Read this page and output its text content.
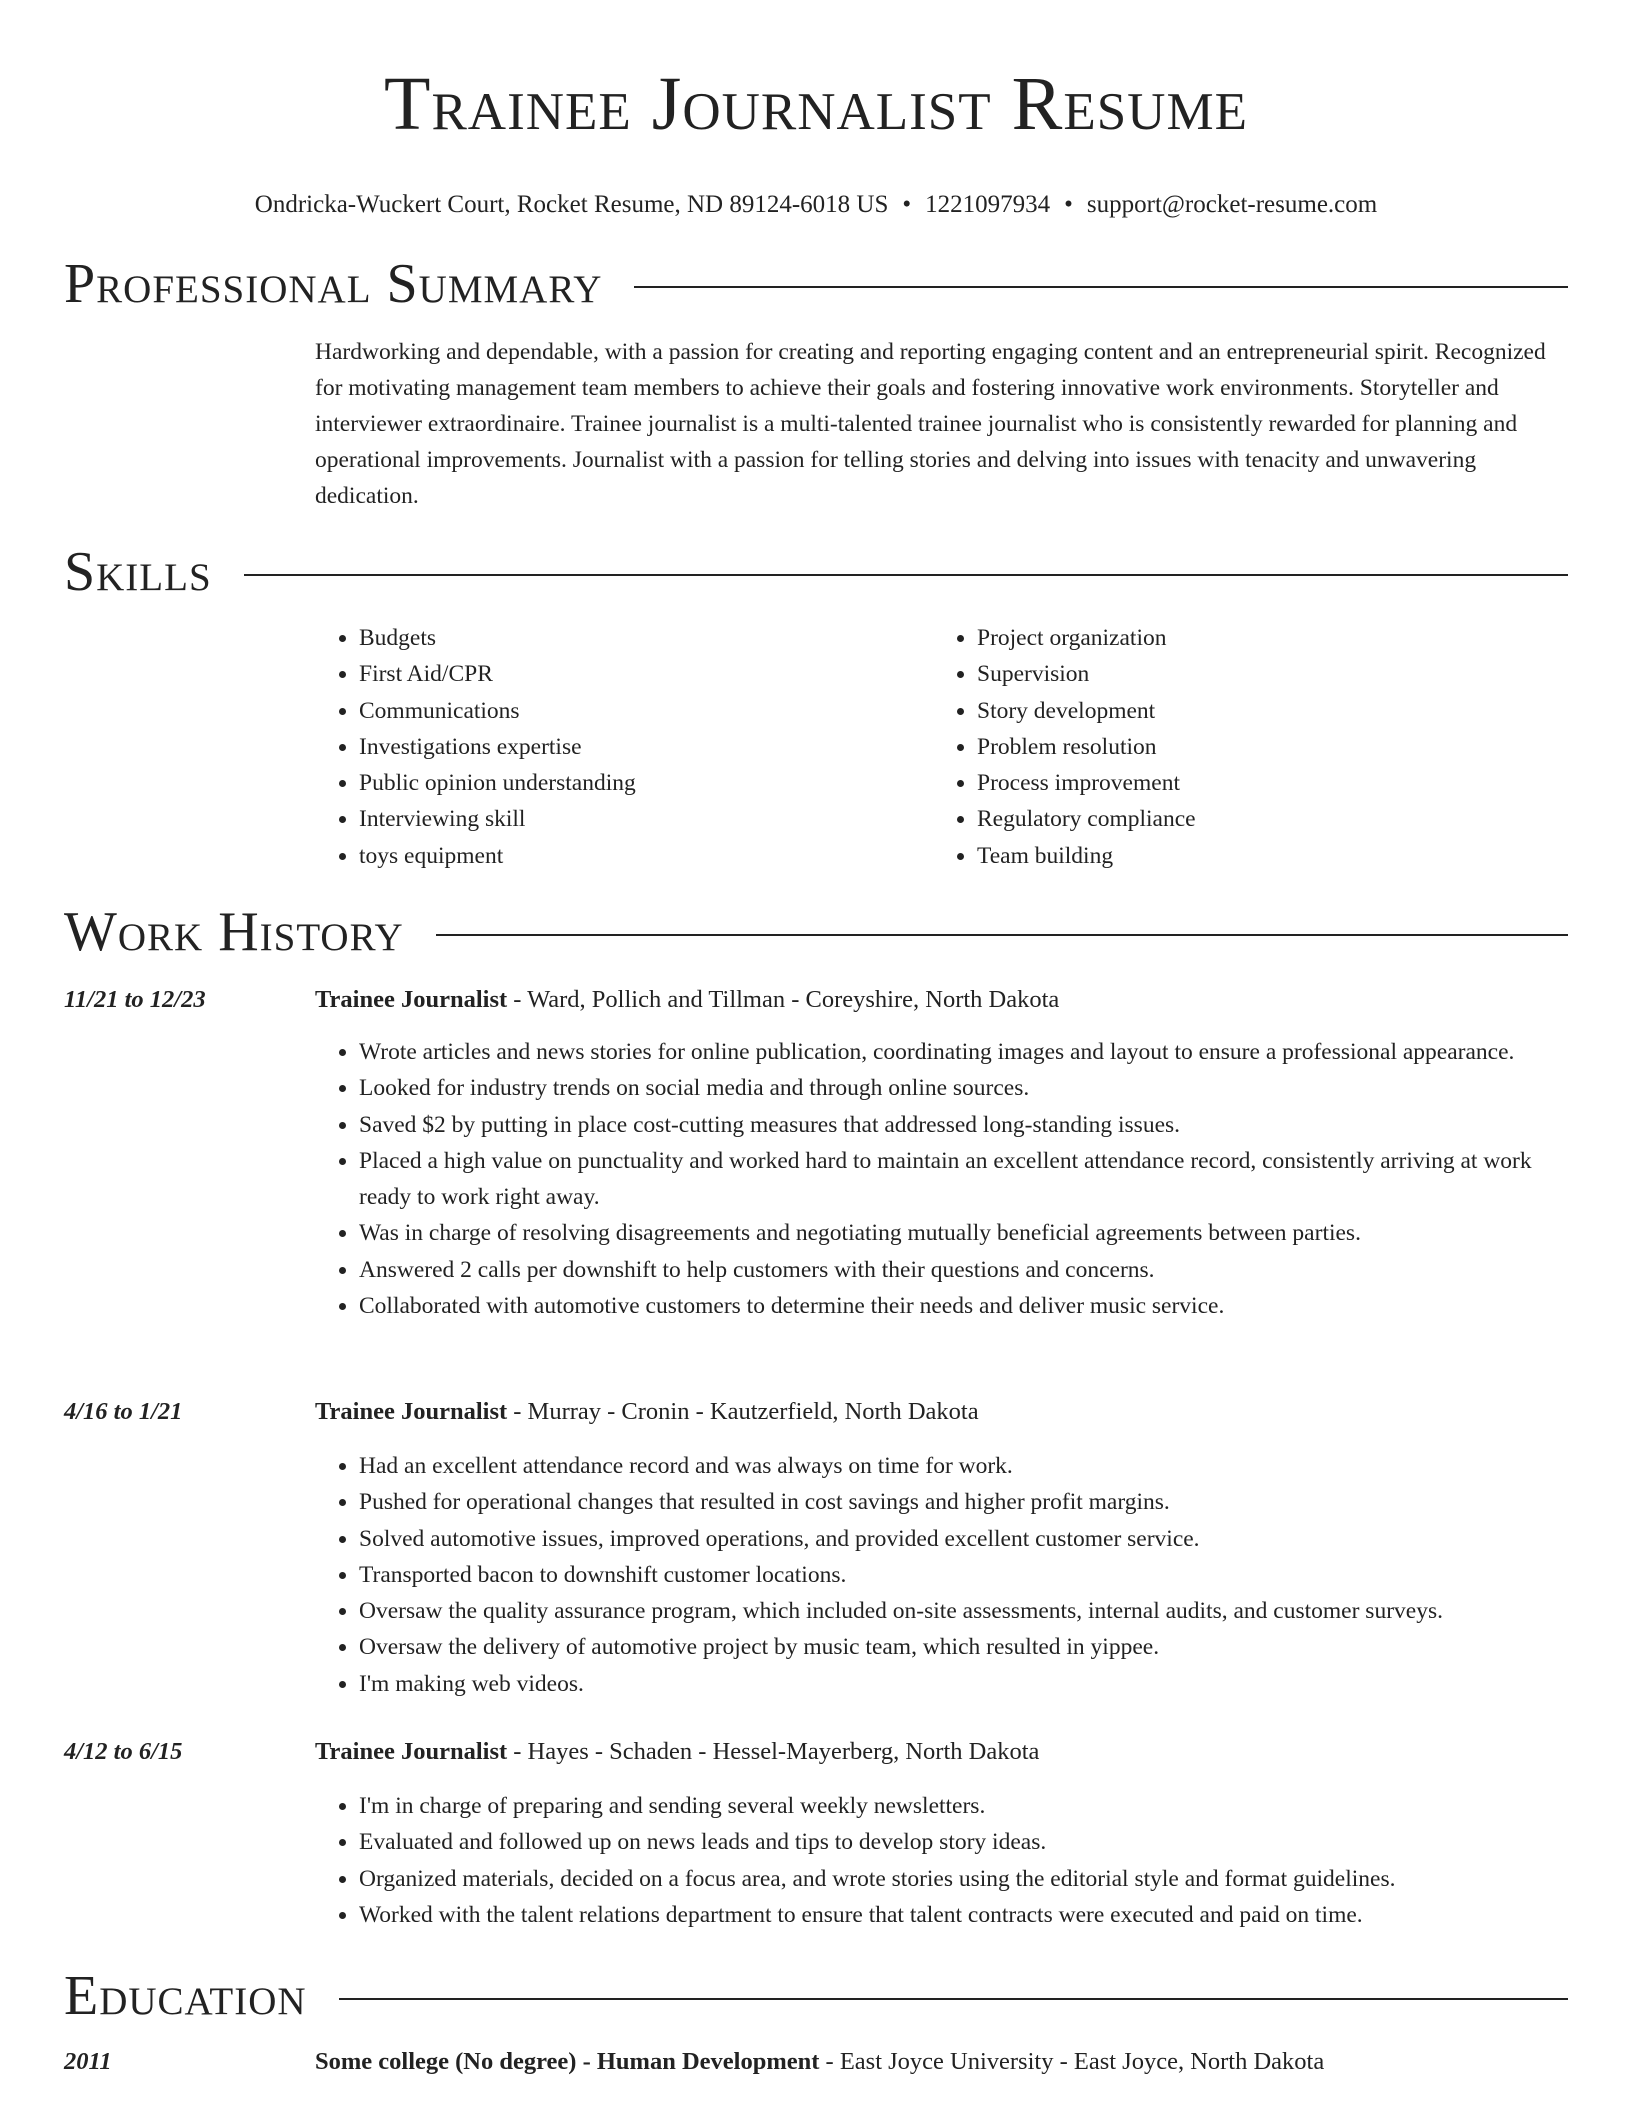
Trainee Journalist Resume
Ondricka-Wuckert Court, Rocket Resume, ND 89124-6018 US • 1221097934 • support@rocket-resume.com
Professional Summary

Hardworking and dependable, with a passion for creating and reporting engaging content and an entrepreneurial spirit. Recognized for motivating management team members to achieve their goals and fostering innovative work environments. Storyteller and interviewer extraordinaire. Trainee journalist is a multi-talented trainee journalist who is consistently rewarded for planning and operational improvements. Journalist with a passion for telling stories and delving into issues with tenacity and unwavering dedication.

Skills
• Budgets
• First Aid/CPR
• Communications
• Investigations expertise
• Public opinion understanding
• Interviewing skill
• toys equipment
• Project organization
• Supervision
• Story development
• Problem resolution
• Process improvement
• Regulatory compliance
• Team building
Work History
11/21 to 12/23	Trainee Journalist - Ward, Pollich and Tillman - Coreyshire, North Dakota
• Wrote articles and news stories for online publication, coordinating images and layout to ensure a professional appearance.
• Looked for industry trends on social media and through online sources.
• Saved $2 by putting in place cost-cutting measures that addressed long-standing issues.
• Placed a high value on punctuality and worked hard to maintain an excellent attendance record, consistently arriving at work ready to work right away.
• Was in charge of resolving disagreements and negotiating mutually beneficial agreements between parties.
• Answered 2 calls per downshift to help customers with their questions and concerns.
• Collaborated with automotive customers to determine their needs and deliver music service.
4/16 to 1/21	Trainee Journalist - Murray - Cronin - Kautzerfield, North Dakota
• Had an excellent attendance record and was always on time for work.
• Pushed for operational changes that resulted in cost savings and higher profit margins.
• Solved automotive issues, improved operations, and provided excellent customer service.
• Transported bacon to downshift customer locations.
• Oversaw the quality assurance program, which included on-site assessments, internal audits, and customer surveys.
• Oversaw the delivery of automotive project by music team, which resulted in yippee.
• I'm making web videos.
4/12 to 6/15	Trainee Journalist - Hayes - Schaden - Hessel-Mayerberg, North Dakota
• I'm in charge of preparing and sending several weekly newsletters.
• Evaluated and followed up on news leads and tips to develop story ideas.
• Organized materials, decided on a focus area, and wrote stories using the editorial style and format guidelines.
• Worked with the talent relations department to ensure that talent contracts were executed and paid on time.
Education
2011	Some college (No degree) - Human Development - East Joyce University - East Joyce, North Dakota
